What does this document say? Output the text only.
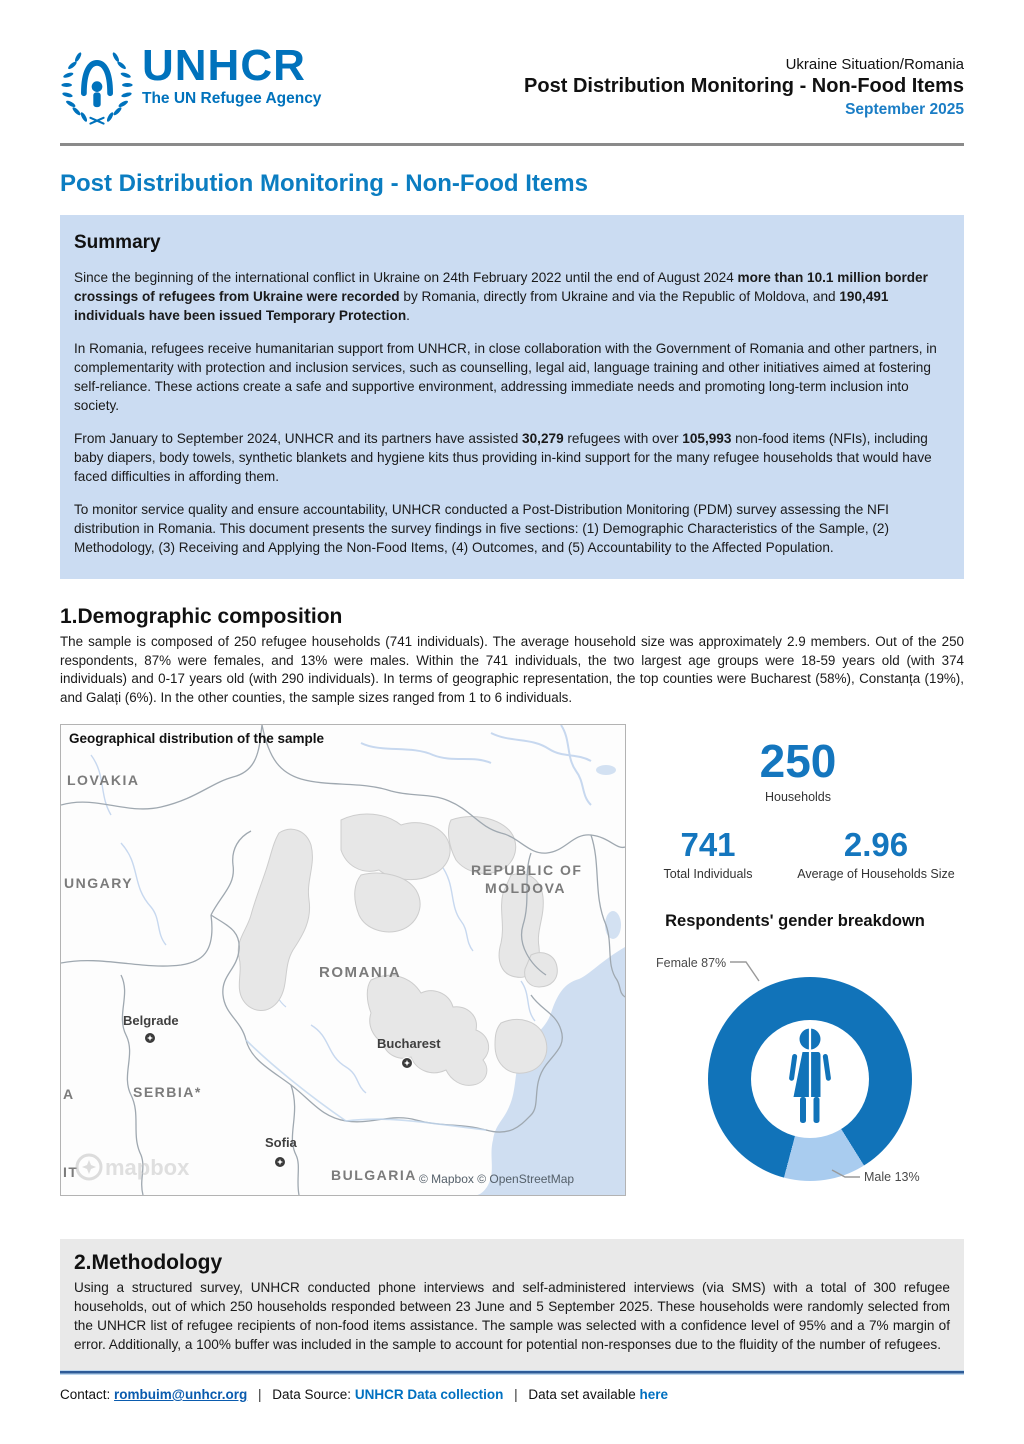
UNHCR
The UN Refugee Agency
Ukraine Situation/Romania
Post Distribution Monitoring - Non-Food Items
September 2025
Post Distribution Monitoring - Non-Food Items
Summary

Since the beginning of the international conflict in Ukraine on 24th February 2022 until the end of August 2024 more than 10.1 million border crossings of refugees from Ukraine were recorded by Romania, directly from Ukraine and via the Republic of Moldova, and 190,491 individuals have been issued Temporary Protection.

In Romania, refugees receive humanitarian support from UNHCR, in close collaboration with the Government of Romania and other partners, in complementarity with protection and inclusion services, such as counselling, legal aid, language training and other initiatives aimed at fostering self-reliance. These actions create a safe and supportive environment, addressing immediate needs and promoting long-term inclusion into society.

From January to September 2024, UNHCR and its partners have assisted 30,279 refugees with over 105,993 non-food items (NFIs), including baby diapers, body towels, synthetic blankets and hygiene kits thus providing in-kind support for the many refugee households that would have faced difficulties in affording them.

To monitor service quality and ensure accountability, UNHCR conducted a Post-Distribution Monitoring (PDM) survey assessing the NFI distribution in Romania. This document presents the survey findings in five sections: (1) Demographic Characteristics of the Sample, (2) Methodology, (3) Receiving and Applying the Non-Food Items, (4) Outcomes, and (5) Accountability to the Affected Population.

1.Demographic composition

The sample is composed of 250 refugee households (741 individuals). The average household size was approximately 2.9 members. Out of the 250 respondents, 87% were females, and 13% were males. Within the 741 individuals, the two largest age groups were 18-59 years old (with 374 individuals) and 0-17 years old (with 290 individuals). In terms of geographic representation, the top counties were Bucharest (58%), Constanța (19%), and Galați (6%). In the other counties, the sample sizes ranged from 1 to 6 individuals.

LOVAKIA
UNGARY
REPUBLIC OF
MOLDOVA
ROMANIA
SERBIA*
BULGARIA
A
IT
Belgrade
Bucharest
Sofia
mapbox	© Mapbox © OpenStreetMap
Geographical distribution of the sample	250
Households
741
Total Individuals
2.96
Average of Households Size
Respondents' gender breakdown
Female 87%
Male 13%
2.Methodology

Using a structured survey, UNHCR conducted phone interviews and self-administered interviews (via SMS) with a total of 300 refugee households, out of which 250 households responded between 23 June and 5 September 2025. These households were randomly selected from the UNHCR list of refugee recipients of non-food items assistance. The sample was selected with a confidence level of 95% and a 7% margin of error. Additionally, a 100% buffer was included in the sample to account for potential non-responses due to the fluidity of the number of refugees.

Contact: rombuim@unhcr.org | Data Source: UNHCR Data collection | Data set available here
